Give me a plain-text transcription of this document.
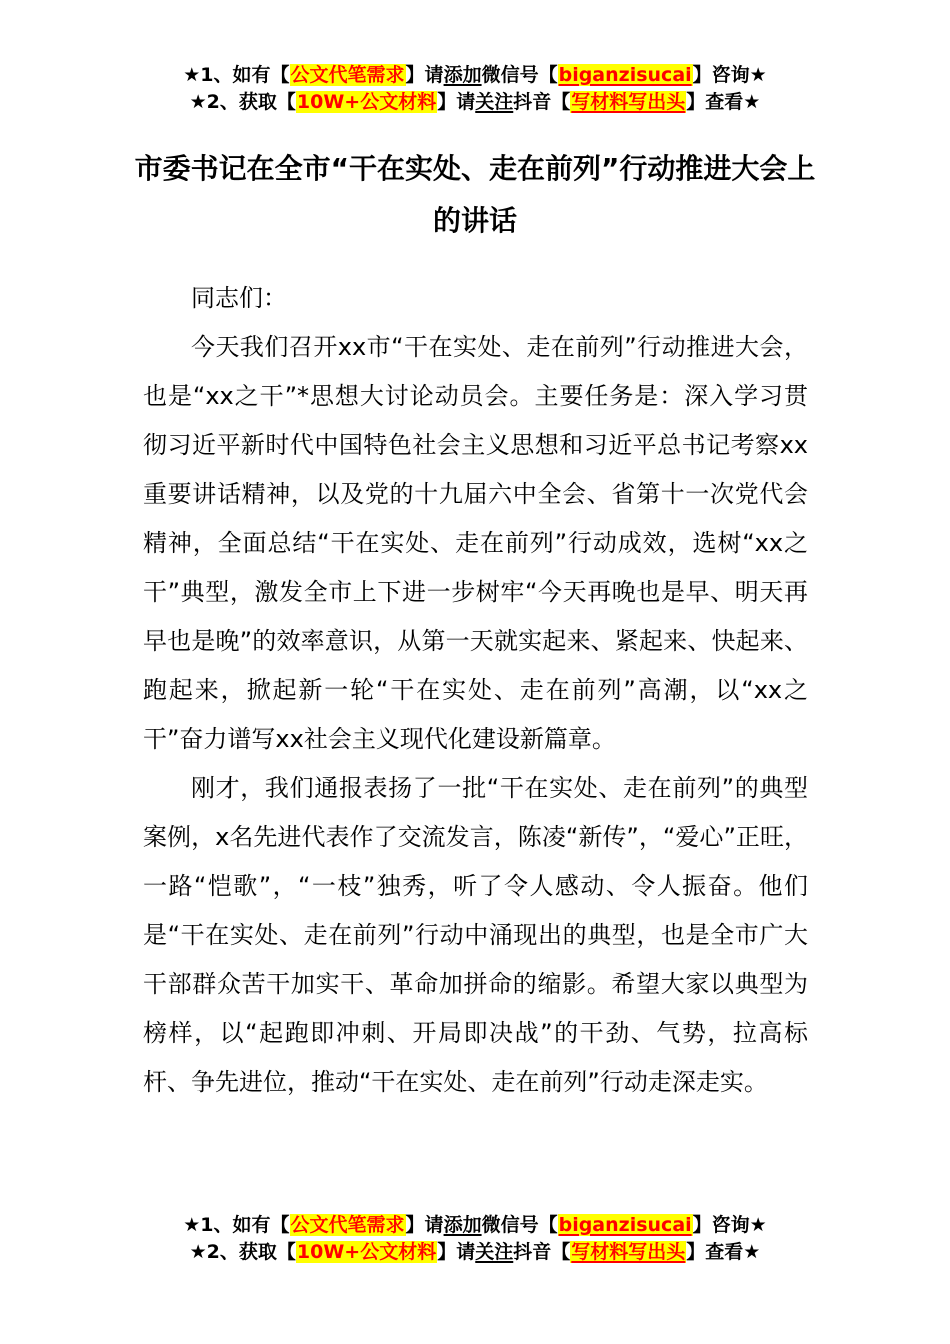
★1、如有【公文代笔需求】请添加微信号【biganzisucai】咨询★
★2、获取【10W+公文材料】请关注抖音【写材料写出头】查看★
市委书记在全市“干在实处、走在前列”行动推进大会上的讲话

同志们：

今天我们召开xx市“干在实处、走在前列”行动推进大会，也是“xx之干”*思想大讨论动员会。主要任务是：深入学习贯彻习近平新时代中国特色社会主义思想和习近平总书记考察xx重要讲话精神，以及党的十九届六中全会、省第十一次党代会精神，全面总结“干在实处、走在前列”行动成效，选树“xx之干”典型，激发全市上下进一步树牢“今天再晚也是早、明天再早也是晚”的效率意识，从第一天就实起来、紧起来、快起来、跑起来，掀起新一轮“干在实处、走在前列”高潮，以“xx之干”奋力谱写xx社会主义现代化建设新篇章。

刚才，我们通报表扬了一批“干在实处、走在前列”的典型案例，x名先进代表作了交流发言，陈凌“新传”，“爱心”正旺，一路“恺歌”，“一枝”独秀，听了令人感动、令人振奋。他们是“干在实处、走在前列”行动中涌现出的典型，也是全市广大干部群众苦干加实干、革命加拼命的缩影。希望大家以典型为榜样，以“起跑即冲刺、开局即决战”的干劲、气势，拉高标杆、争先进位，推动“干在实处、走在前列”行动走深走实。

★1、如有【公文代笔需求】请添加微信号【biganzisucai】咨询★
★2、获取【10W+公文材料】请关注抖音【写材料写出头】查看★
